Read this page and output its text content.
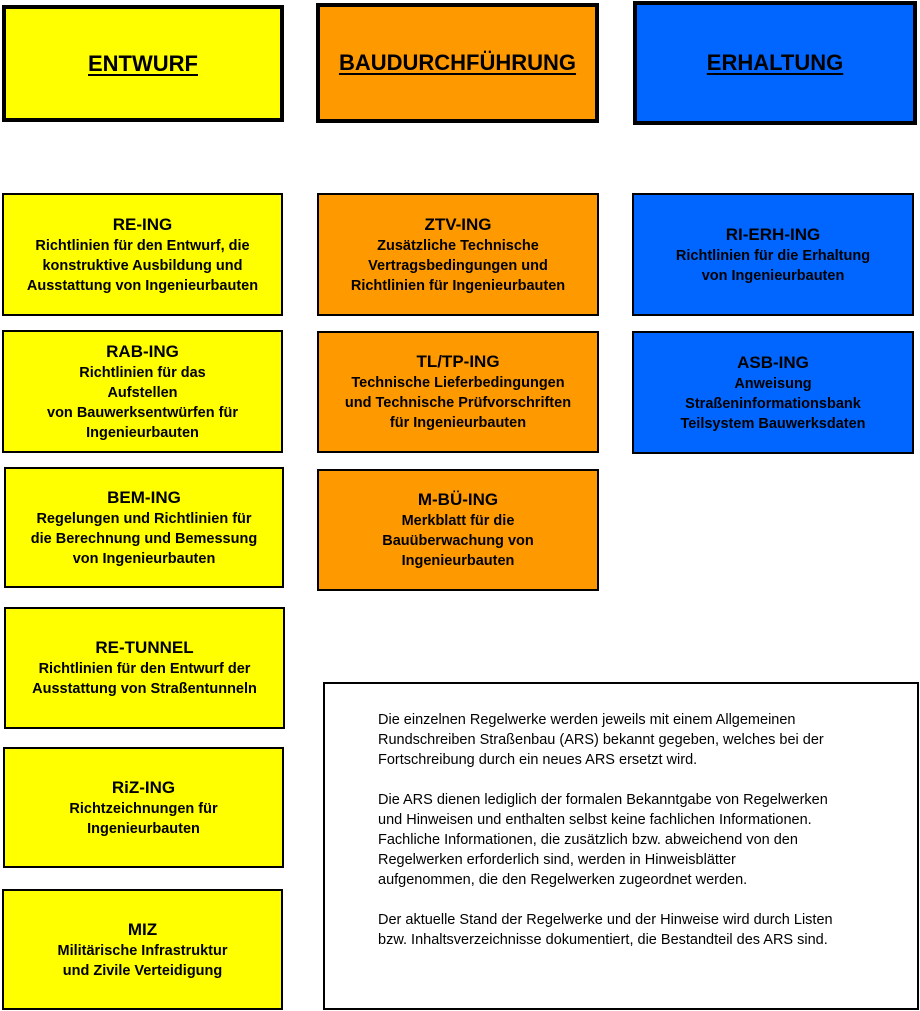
ENTWURF	BAUDURCHFÜHRUNG	ERHALTUNG
RE-ING
Richtlinien für den Entwurf, die
konstruktive Ausbildung und
Ausstattung von Ingenieurbauten
RAB-ING
Richtlinien für das
Aufstellen
von Bauwerksentwürfen für
Ingenieurbauten
BEM-ING
Regelungen und Richtlinien für
die Berechnung und Bemessung
von Ingenieurbauten
RE-TUNNEL
Richtlinien für den Entwurf der
Ausstattung von Straßentunneln
RiZ-ING
Richtzeichnungen für
Ingenieurbauten
MIZ
Militärische Infrastruktur
und Zivile Verteidigung
ZTV-ING
Zusätzliche Technische
Vertragsbedingungen und
Richtlinien für Ingenieurbauten
TL/TP-ING
Technische Lieferbedingungen
und Technische Prüfvorschriften
für Ingenieurbauten
M-BÜ-ING
Merkblatt für die
Bauüberwachung von
Ingenieurbauten
RI-ERH-ING
Richtlinien für die Erhaltung
von Ingenieurbauten
ASB-ING
Anweisung
Straßeninformationsbank
Teilsystem Bauwerksdaten

Die einzelnen Regelwerke werden jeweils mit einem Allgemeinen
Rundschreiben Straßenbau (ARS) bekannt gegeben, welches bei der
Fortschreibung durch ein neues ARS ersetzt wird.

Die ARS dienen lediglich der formalen Bekanntgabe von Regelwerken
und Hinweisen und enthalten selbst keine fachlichen Informationen.
Fachliche Informationen, die zusätzlich bzw. abweichend von den
Regelwerken erforderlich sind, werden in Hinweisblätter
aufgenommen, die den Regelwerken zugeordnet werden.

Der aktuelle Stand der Regelwerke und der Hinweise wird durch Listen
bzw. Inhaltsverzeichnisse dokumentiert, die Bestandteil des ARS sind.
